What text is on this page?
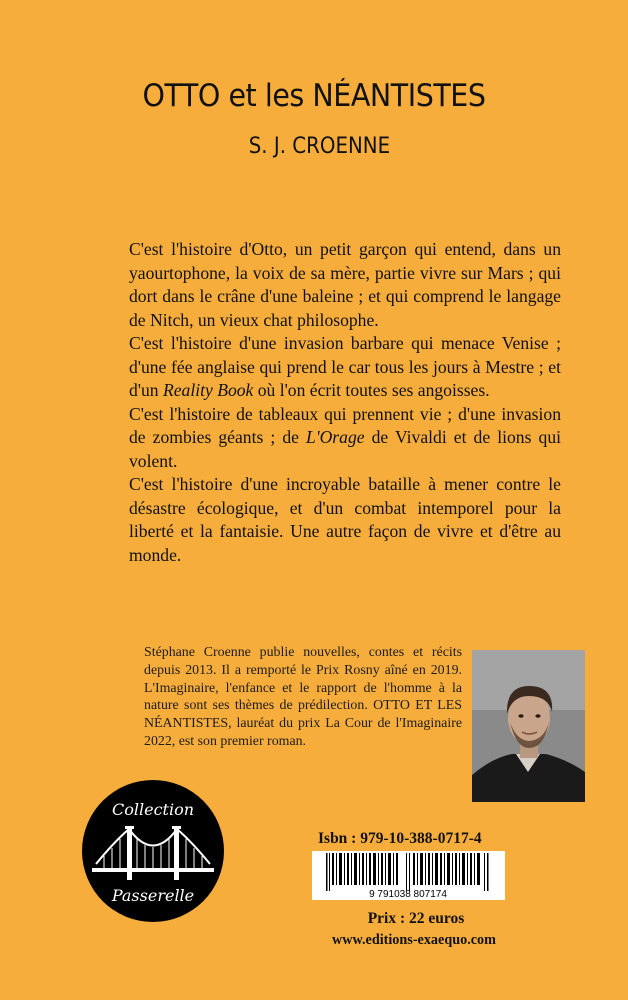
OTTO et les NÉANTISTES
S. J. CROENNE

C'est l'histoire d'Otto, un petit garçon qui entend, dans un yaourtophone, la voix de sa mère, partie vivre sur Mars ; qui dort dans le crâne d'une baleine ; et qui comprend le langage de Nitch, un vieux chat philosophe.

C'est l'histoire d'une invasion barbare qui menace Venise ; d'une fée anglaise qui prend le car tous les jours à Mestre ; et d'un Reality Book où l'on écrit toutes ses angoisses.

C'est l'histoire de tableaux qui prennent vie ; d'une invasion de zombies géants ; de L'Orage de Vivaldi et de lions qui volent.

C'est l'histoire d'une incroyable bataille à mener contre le désastre écologique, et d'un combat intemporel pour la liberté et la fantaisie. Une autre façon de vivre et d'être au monde.

Stéphane Croenne publie nouvelles, contes et récits depuis 2013. Il a remporté le Prix Rosny aîné en 2019. L'Imaginaire, l'enfance et le rapport de l'homme à la nature sont ses thèmes de prédilection. OTTO ET LES NÉANTISTES, lauréat du prix La Cour de l'Imaginaire 2022, est son premier roman.
Collection
Passerelle
Isbn : 979-10-388-0717-4
9 791038 807174
Prix : 22 euros
www.editions-exaequo.com
